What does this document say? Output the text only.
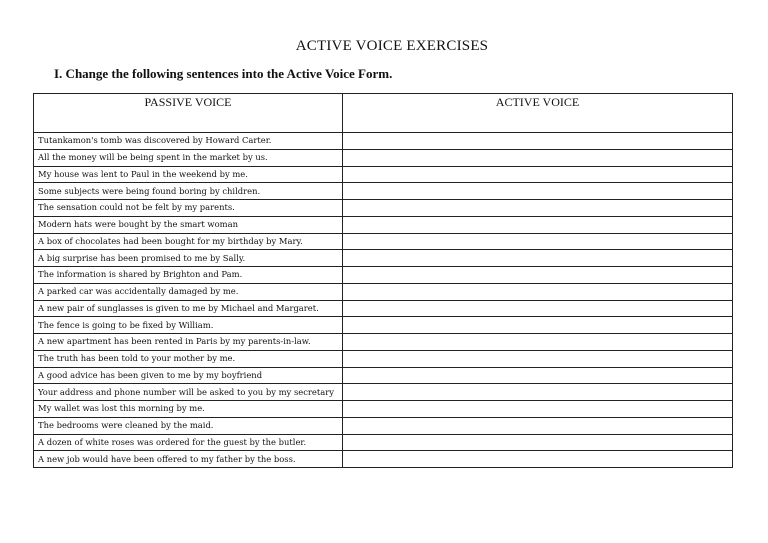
ACTIVE VOICE EXERCISES
I. Change the following sentences into the Active Voice Form.
PASSIVE VOICE	ACTIVE VOICE
Tutankamon's tomb was discovered by Howard Carter.	
All the money will be being spent in the market by us.	
My house was lent to Paul in the weekend by me.	
Some subjects were being found boring by children.	
The sensation could not be felt by my parents.	
Modern hats were bought by the smart woman	
A box of chocolates had been bought for my birthday by Mary.	
A big surprise has been promised to me by Sally.	
The information is shared by Brighton and Pam.	
A parked car was accidentally damaged by me.	
A new pair of sunglasses is given to me by Michael and Margaret.	
The fence is going to be fixed by William.	
A new apartment has been rented in Paris by my parents-in-law.	
The truth has been told to your mother by me.	
A good advice has been given to me by my boyfriend	
Your address and phone number will be asked to you by my secretary	
My wallet was lost this morning by me.	
The bedrooms were cleaned by the maid.	
A dozen of white roses was ordered for the guest by the butler.	
A new job would have been offered to my father by the boss.	
